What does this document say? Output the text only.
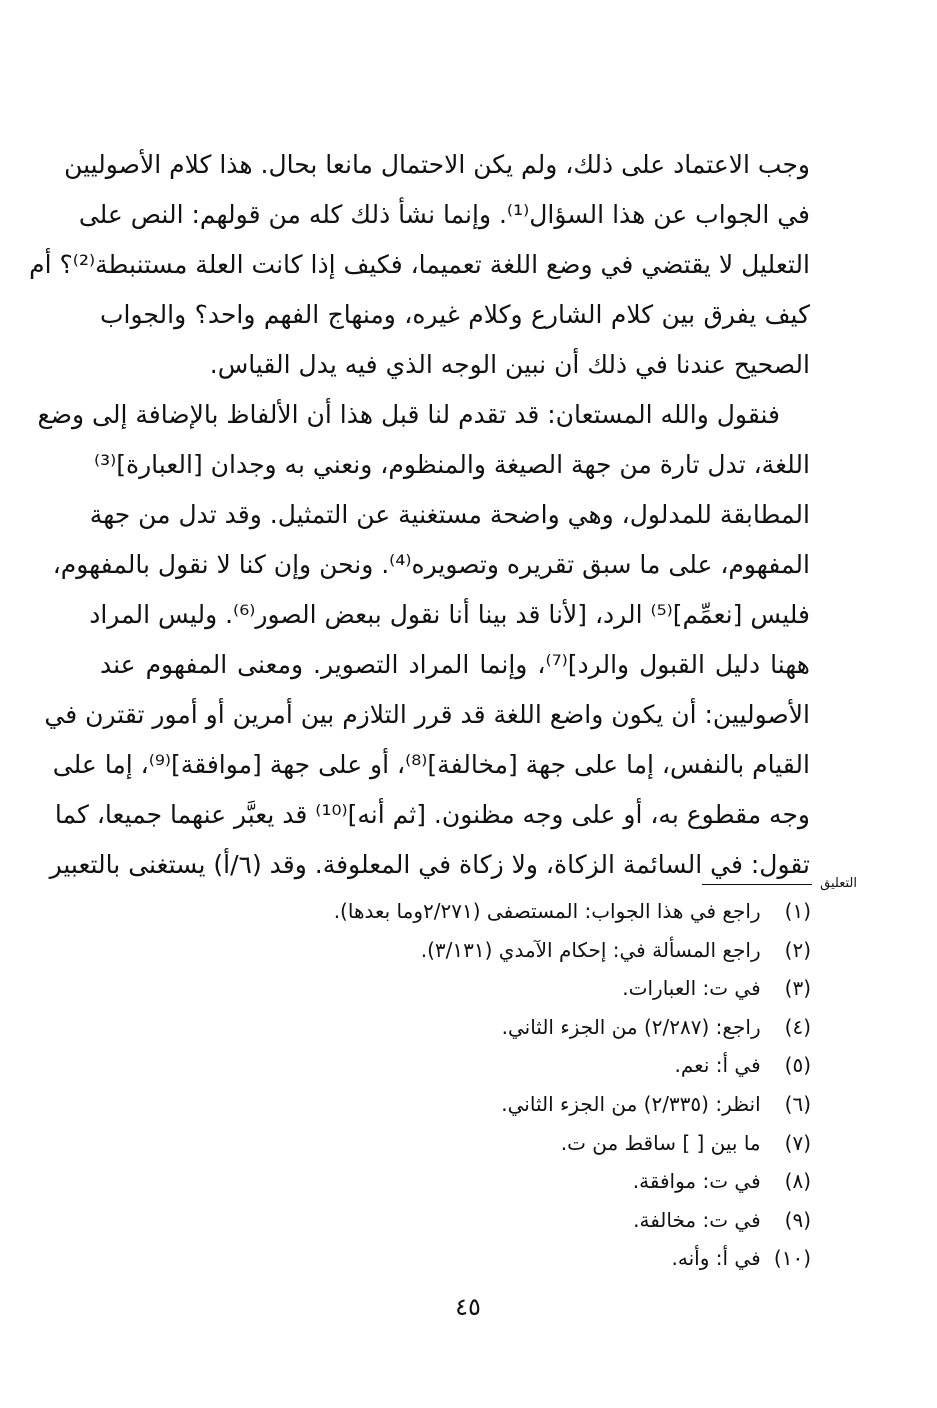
وجب الاعتماد على ذلك، ولم يكن الاحتمال مانعا بحال. هذا كلام الأصوليين
في الجواب عن هذا السؤال⁽¹⁾. وإنما نشأ ذلك كله من قولهم: النص على
التعليل لا يقتضي في وضع اللغة تعميما، فكيف إذا كانت العلة مستنبطة⁽²⁾؟ أم
كيف يفرق بين كلام الشارع وكلام غيره، ومنهاج الفهم واحد؟ والجواب
الصحيح عندنا في ذلك أن نبين الوجه الذي فيه يدل القياس.
فنقول والله المستعان: قد تقدم لنا قبل هذا أن الألفاظ بالإضافة إلى وضع
اللغة، تدل تارة من جهة الصيغة والمنظوم، ونعني به وجدان [العبارة]⁽³⁾
المطابقة للمدلول، وهي واضحة مستغنية عن التمثيل. وقد تدل من جهة
المفهوم، على ما سبق تقريره وتصويره⁽⁴⁾. ونحن وإن كنا لا نقول بالمفهوم،
فليس [نعمِّم]⁽⁵⁾ الرد، [لأنا قد بينا أنا نقول ببعض الصور⁽⁶⁾. وليس المراد
ههنا دليل القبول والرد]⁽⁷⁾، وإنما المراد التصوير. ومعنى المفهوم عند
الأصوليين: أن يكون واضع اللغة قد قرر التلازم بين أمرين أو أمور تقترن في
القيام بالنفس، إما على جهة [مخالفة]⁽⁸⁾، أو على جهة [موافقة]⁽⁹⁾، إما على
وجه مقطوع به، أو على وجه مظنون. [ثم أنه]⁽¹⁰⁾ قد يعبَّر عنهما جميعا، كما
تقول: في السائمة الزكاة، ولا زكاة في المعلوفة. وقد (٦/أ) يستغنى بالتعبير
التعليق
(١) راجع في هذا الجواب: المستصفى (٢/٢٧١وما بعدها).
(٢) راجع المسألة في: إحكام الآمدي (٣/١٣١).
(٣) في ت: العبارات.
(٤) راجع: (٢/٢٨٧) من الجزء الثاني.
(٥) في أ: نعم.
(٦) انظر: (٢/٣٣٥) من الجزء الثاني.
(٧) ما بين [ ] ساقط من ت.
(٨) في ت: موافقة.
(٩) في ت: مخالفة.
(١٠) في أ: وأنه.
٤٥
